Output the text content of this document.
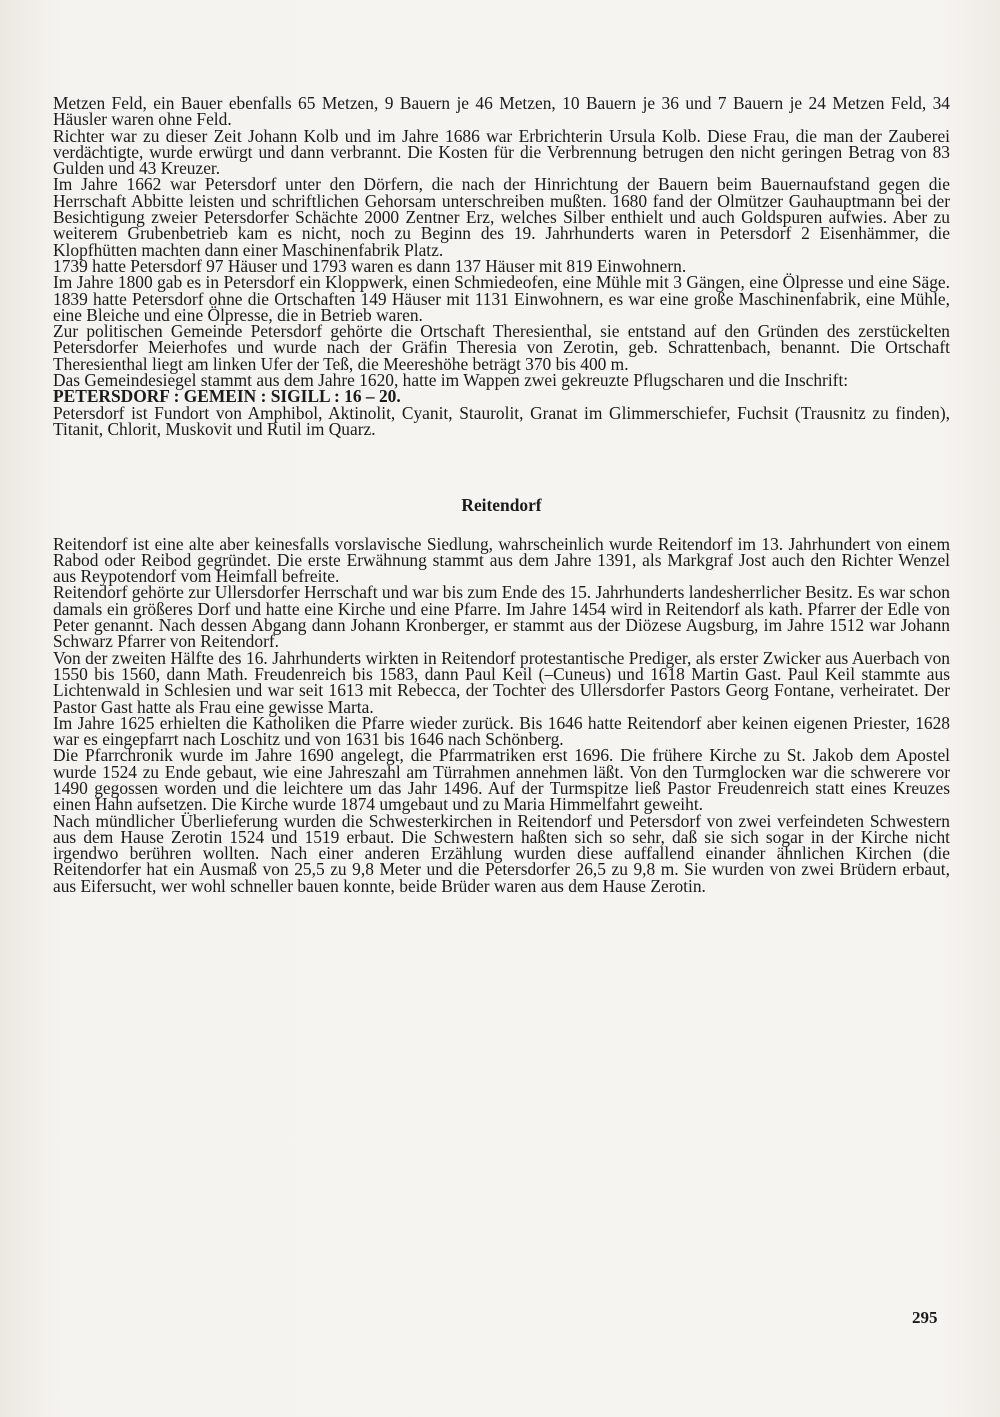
Metzen Feld, ein Bauer ebenfalls 65 Metzen, 9 Bauern je 46 Metzen, 10 Bauern je 36 und 7 Bauern je 24 Metzen Feld, 34 Häusler waren ohne Feld.

Richter war zu dieser Zeit Johann Kolb und im Jahre 1686 war Erbrichterin Ursula Kolb. Diese Frau, die man der Zauberei verdächtigte, wurde erwürgt und dann verbrannt. Die Kosten für die Verbrennung betrugen den nicht geringen Betrag von 83 Gulden und 43 Kreuzer.

Im Jahre 1662 war Petersdorf unter den Dörfern, die nach der Hinrichtung der Bauern beim Bauernaufstand gegen die Herrschaft Abbitte leisten und schriftlichen Gehorsam unterschreiben mußten. 1680 fand der Olmützer Gauhauptmann bei der Besichtigung zweier Petersdorfer Schächte 2000 Zentner Erz, welches Silber enthielt und auch Goldspuren aufwies. Aber zu weiterem Grubenbetrieb kam es nicht, noch zu Beginn des 19. Jahrhunderts waren in Petersdorf 2 Eisenhämmer, die Klopfhütten machten dann einer Maschinenfabrik Platz.

1739 hatte Petersdorf 97 Häuser und 1793 waren es dann 137 Häuser mit 819 Einwohnern.

Im Jahre 1800 gab es in Petersdorf ein Kloppwerk, einen Schmiedeofen, eine Mühle mit 3 Gängen, eine Ölpresse und eine Säge. 1839 hatte Petersdorf ohne die Ortschaften 149 Häuser mit 1131 Einwohnern, es war eine große Maschinenfabrik, eine Mühle, eine Bleiche und eine Ölpresse, die in Betrieb waren.

Zur politischen Gemeinde Petersdorf gehörte die Ortschaft Theresienthal, sie entstand auf den Gründen des zerstückelten Petersdorfer Meierhofes und wurde nach der Gräfin Theresia von Zerotin, geb. Schrattenbach, benannt. Die Ortschaft Theresienthal liegt am linken Ufer der Teß, die Meereshöhe beträgt 370 bis 400 m.

Das Gemeindesiegel stammt aus dem Jahre 1620, hatte im Wappen zwei gekreuzte Pflugscharen und die Inschrift:

PETERSDORF : GEMEIN : SIGILL : 16 – 20.

Petersdorf ist Fundort von Amphibol, Aktinolit, Cyanit, Staurolit, Granat im Glimmerschiefer, Fuchsit (Trausnitz zu finden), Titanit, Chlorit, Muskovit und Rutil im Quarz.

Reitendorf

Reitendorf ist eine alte aber keinesfalls vorslavische Siedlung, wahrscheinlich wurde Reitendorf im 13. Jahrhundert von einem Rabod oder Reibod gegründet. Die erste Erwähnung stammt aus dem Jahre 1391, als Markgraf Jost auch den Richter Wenzel aus Reypotendorf vom Heimfall befreite.

Reitendorf gehörte zur Ullersdorfer Herrschaft und war bis zum Ende des 15. Jahrhunderts landesherrlicher Besitz. Es war schon damals ein größeres Dorf und hatte eine Kirche und eine Pfarre. Im Jahre 1454 wird in Reitendorf als kath. Pfarrer der Edle von Peter genannt. Nach dessen Abgang dann Johann Kronberger, er stammt aus der Diözese Augsburg, im Jahre 1512 war Johann Schwarz Pfarrer von Reitendorf.

Von der zweiten Hälfte des 16. Jahrhunderts wirkten in Reitendorf protestantische Prediger, als erster Zwicker aus Auerbach von 1550 bis 1560, dann Math. Freudenreich bis 1583, dann Paul Keil (–Cuneus) und 1618 Martin Gast. Paul Keil stammte aus Lichtenwald in Schlesien und war seit 1613 mit Rebecca, der Tochter des Ullersdorfer Pastors Georg Fontane, verheiratet. Der Pastor Gast hatte als Frau eine gewisse Marta.

Im Jahre 1625 erhielten die Katholiken die Pfarre wieder zurück. Bis 1646 hatte Reitendorf aber keinen eigenen Priester, 1628 war es eingepfarrt nach Loschitz und von 1631 bis 1646 nach Schönberg.

Die Pfarrchronik wurde im Jahre 1690 angelegt, die Pfarrmatriken erst 1696. Die frühere Kirche zu St. Jakob dem Apostel wurde 1524 zu Ende gebaut, wie eine Jahreszahl am Türrahmen annehmen läßt. Von den Turmglocken war die schwerere vor 1490 gegossen worden und die leichtere um das Jahr 1496. Auf der Turmspitze ließ Pastor Freudenreich statt eines Kreuzes einen Hahn aufsetzen. Die Kirche wurde 1874 umgebaut und zu Maria Himmelfahrt geweiht.

Nach mündlicher Überlieferung wurden die Schwesterkirchen in Reitendorf und Petersdorf von zwei verfeindeten Schwestern aus dem Hause Zerotin 1524 und 1519 erbaut. Die Schwestern haßten sich so sehr, daß sie sich sogar in der Kirche nicht irgendwo berühren wollten. Nach einer anderen Erzählung wurden diese auffallend einander ähnlichen Kirchen (die Reitendorfer hat ein Ausmaß von 25,5 zu 9,8 Meter und die Petersdorfer 26,5 zu 9,8 m. Sie wurden von zwei Brüdern erbaut, aus Eifersucht, wer wohl schneller bauen konnte, beide Brüder waren aus dem Hause Zerotin.

295
